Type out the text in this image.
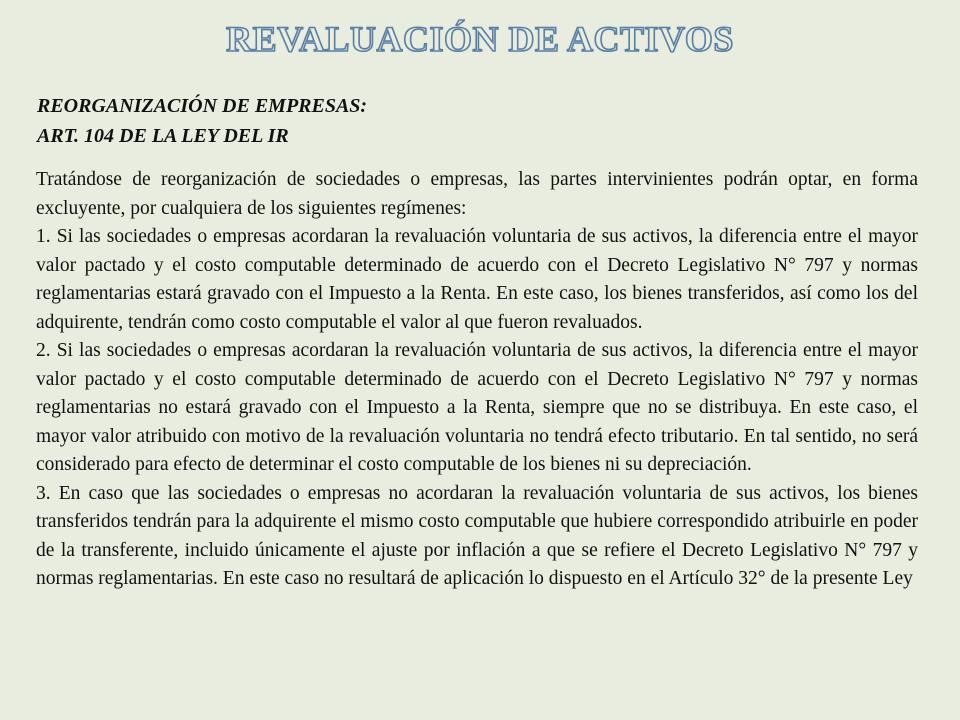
REVALUACIÓN DE ACTIVOS

REORGANIZACIÓN DE EMPRESAS:

ART. 104 DE LA LEY DEL IR

Tratándose de reorganización de sociedades o empresas, las partes intervinientes podrán optar, en forma excluyente, por cualquiera de los siguientes regímenes:

1. Si las sociedades o empresas acordaran la revaluación voluntaria de sus activos, la diferencia entre el mayor valor pactado y el costo computable determinado de acuerdo con el Decreto Legislativo N° 797 y normas reglamentarias estará gravado con el Impuesto a la Renta. En este caso, los bienes transferidos, así como los del adquirente, tendrán como costo computable el valor al que fueron revaluados.

2. Si las sociedades o empresas acordaran la revaluación voluntaria de sus activos, la diferencia entre el mayor valor pactado y el costo computable determinado de acuerdo con el Decreto Legislativo N° 797 y normas reglamentarias no estará gravado con el Impuesto a la Renta, siempre que no se distribuya. En este caso, el mayor valor atribuido con motivo de la revaluación voluntaria no tendrá efecto tributario. En tal sentido, no será considerado para efecto de determinar el costo computable de los bienes ni su depreciación.

3. En caso que las sociedades o empresas no acordaran la revaluación voluntaria de sus activos, los bienes transferidos tendrán para la adquirente el mismo costo computable que hubiere correspondido atribuirle en poder de la transferente, incluido únicamente el ajuste por inflación a que se refiere el Decreto Legislativo N° 797 y normas reglamentarias. En este caso no resultará de aplicación lo dispuesto en el Artículo 32° de la presente Ley
